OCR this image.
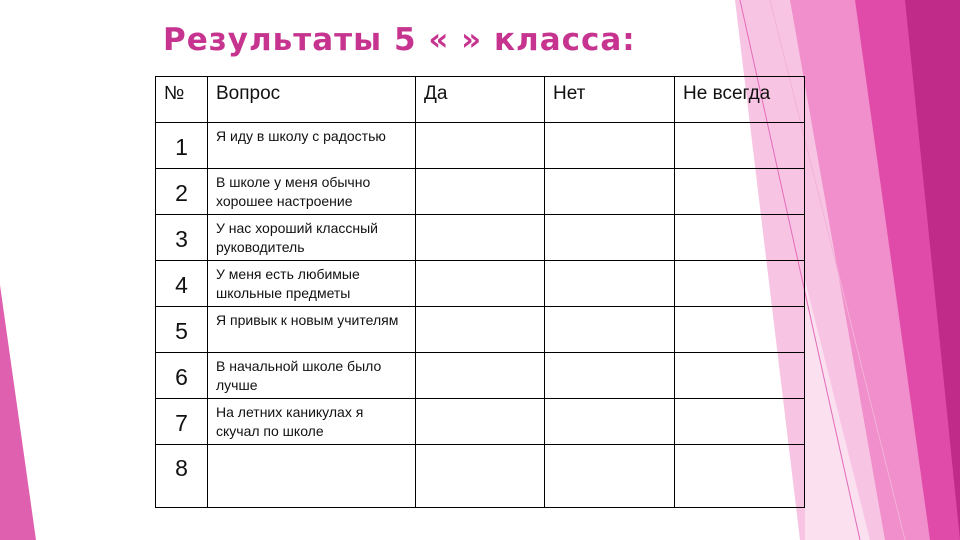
Результаты 5 « » класса:
№	Вопрос	Да	Нет	Не всегда
1	Я иду в школу с радостью			
2	В школе у меня обычно хорошее настроение			
3	У нас хороший классный руководитель			
4	У меня есть любимые школьные предметы			
5	Я привык к новым учителям			
6	В начальной школе было лучше			
7	На летних каникулах я скучал по школе			
8				
